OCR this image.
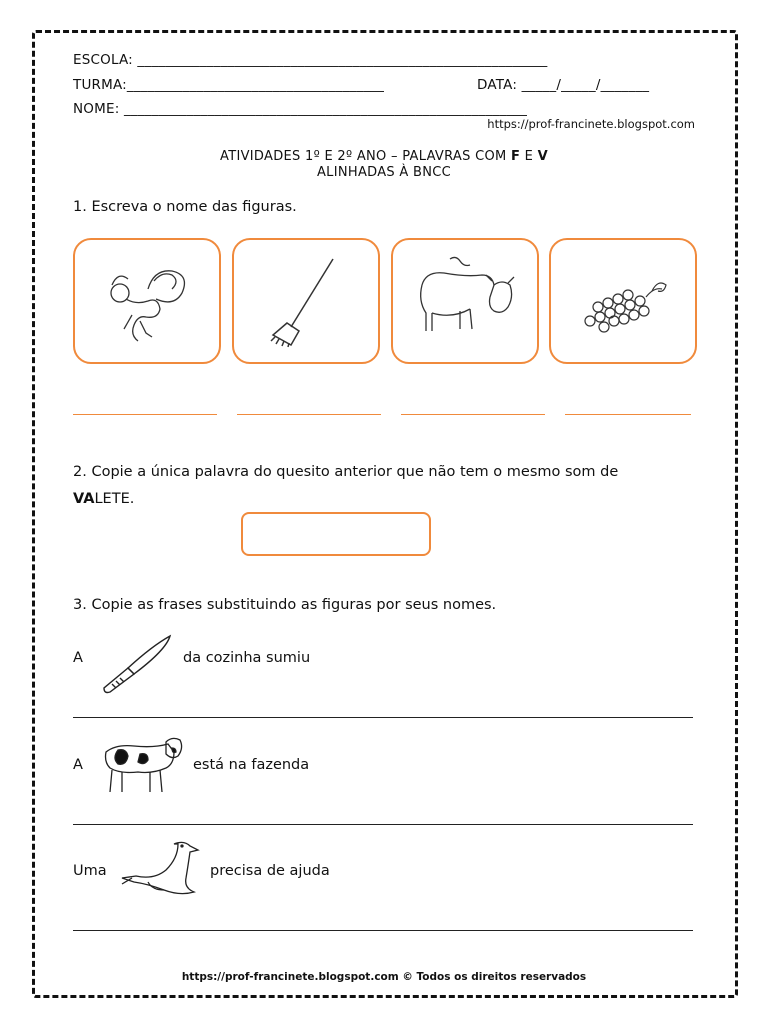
ESCOLA: ___________________________________________________________
TURMA:_____________________________________	DATA: _____/_____/_______
NOME: __________________________________________________________
https://prof-francinete.blogspot.com
ATIVIDADES 1º E 2º ANO – PALAVRAS COM F E V
ALINHADAS À BNCC
1. Escreva o nome das figuras.
2. Copie a única palavra do quesito anterior que não tem o mesmo som de
VALETE.
3. Copie as frases substituindo as figuras por seus nomes.
A	da cozinha sumiu
A	está na fazenda
Uma	precisa de ajuda
https://prof-francinete.blogspot.com © Todos os direitos reservados
